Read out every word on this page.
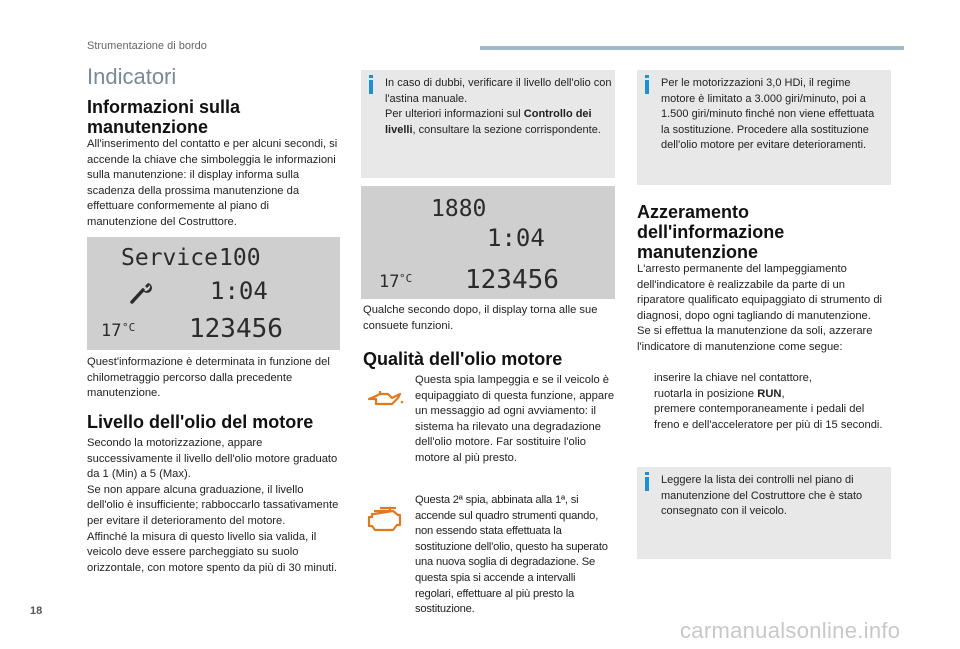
Strumentazione di bordo
Indicatori
Informazioni sulla manutenzione

All'inserimento del contatto e per alcuni secondi, si accende la chiave che simboleggia le informazioni sulla manutenzione: il display informa sulla scadenza della prossima manutenzione da effettuare conformemente al piano di manutenzione del Costruttore.

Service 100
1:04
17 °C 123456

Quest'informazione è determinata in funzione del chilometraggio percorso dalla precedente manutenzione.

Livello dell'olio del motore

Secondo la motorizzazione, appare successivamente il livello dell'olio motore graduato da 1 (Min) a 5 (Max).
Se non appare alcuna graduazione, il livello dell'olio è insufficiente; rabboccarlo tassativamente per evitare il deterioramento del motore.
Affinché la misura di questo livello sia valida, il veicolo deve essere parcheggiato su suolo orizzontale, con motore spento da più di 30 minuti.

In caso di dubbi, verificare il livello dell'olio con l'astina manuale.
Per ulteriori informazioni sul Controllo dei livelli, consultare la sezione corrispondente.
1880
1:04
17 °C 123456

Qualche secondo dopo, il display torna alle sue consuete funzioni.

Qualità dell'olio motore

Questa spia lampeggia e se il veicolo è equipaggiato di questa funzione, appare un messaggio ad ogni avviamento: il sistema ha rilevato una degradazione dell'olio motore. Far sostituire l'olio motore al più presto.

Questa 2ª spia, abbinata alla 1ª, si accende sul quadro strumenti quando, non essendo stata effettuata la sostituzione dell'olio, questo ha superato una nuova soglia di degradazione. Se questa spia si accende a intervalli regolari, effettuare al più presto la sostituzione.

Per le motorizzazioni 3,0 HDi, il regime motore è limitato a 3.000 giri/minuto, poi a 1.500 giri/minuto finché non viene effettuata la sostituzione. Procedere alla sostituzione dell'olio motore per evitare deterioramenti.
Azzeramento dell'informazione manutenzione

L'arresto permanente del lampeggiamento dell'indicatore è realizzabile da parte di un riparatore qualificato equipaggiato di strumento di diagnosi, dopo ogni tagliando di manutenzione.
Se si effettua la manutenzione da soli, azzerare l'indicatore di manutenzione come segue:

inserire la chiave nel contattore,
ruotarla in posizione RUN,
premere contemporaneamente i pedali del freno e dell'acceleratore per più di 15 secondi.
Leggere la lista dei controlli nel piano di manutenzione del Costruttore che è stato consegnato con il veicolo.
18
carmanualsonline.info
